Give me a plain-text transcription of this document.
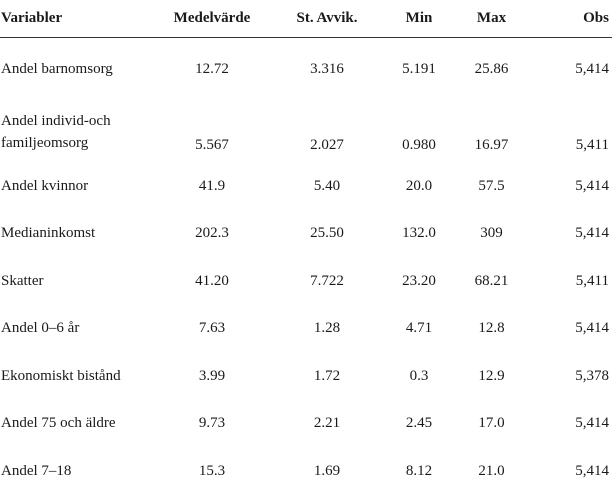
Variabler	Medelvärde	St. Avvik.	Min	Max	Obs
Andel barnomsorg	12.72	3.316	5.191	25.86	5,414
Andel individ-och familjeomsorg	5.567	2.027	0.980	16.97	5,411
Andel kvinnor	41.9	5.40	20.0	57.5	5,414
Medianinkomst	202.3	25.50	132.0	309	5,414
Skatter	41.20	7.722	23.20	68.21	5,411
Andel 0–6 år	7.63	1.28	4.71	12.8	5,414
Ekonomiskt bistånd	3.99	1.72	0.3	12.9	5,378
Andel 75 och äldre	9.73	2.21	2.45	17.0	5,414
Andel 7–18	15.3	1.69	8.12	21.0	5,414
